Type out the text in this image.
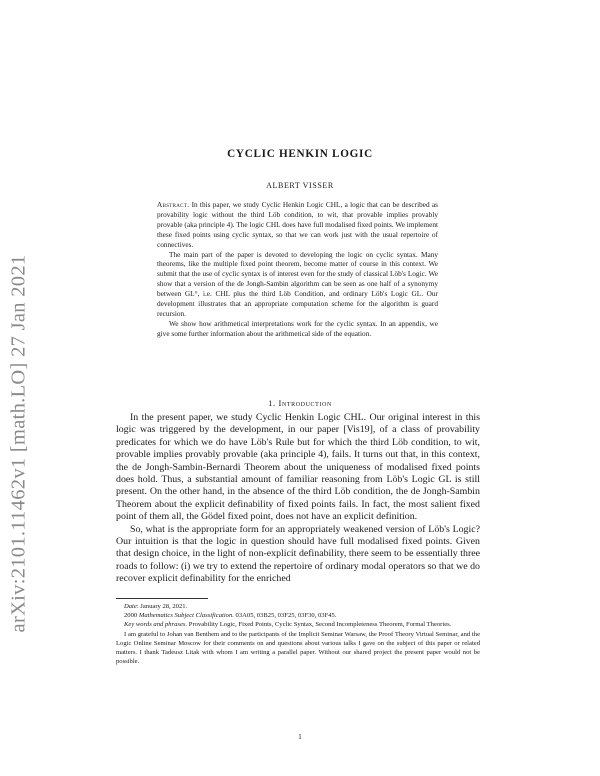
arXiv:2101.11462v1 [math.LO] 27 Jan 2021
CYCLIC HENKIN LOGIC
ALBERT VISSER

Abstract. In this paper, we study Cyclic Henkin Logic CHL, a logic that can be described as provability logic without the third Löb condition, to wit, that provable implies provably provable (aka principle 4). The logic CHL does have full modalised fixed points. We implement these fixed points using cyclic syntax, so that we can work just with the usual repertoire of connectives.

The main part of the paper is devoted to developing the logic on cyclic syntax. Many theorems, like the multiple fixed point theorem, become matter of course in this context. We submit that the use of cyclic syntax is of interest even for the study of classical Löb's Logic. We show that a version of the de Jongh-Sambin algorithm can be seen as one half of a synonymy between GL°, i.e. CHL plus the third Löb Condition, and ordinary Löb's Logic GL. Our development illustrates that an appropriate computation scheme for the algorithm is guard recursion.

We show how arithmetical interpretations work for the cyclic syntax. In an appendix, we give some further information about the arithmetical side of the equation.

1. Introduction

In the present paper, we study Cyclic Henkin Logic CHL. Our original interest in this logic was triggered by the development, in our paper [Vis19], of a class of provability predicates for which we do have Löb's Rule but for which the third Löb condition, to wit, provable implies provably provable (aka principle 4), fails. It turns out that, in this context, the de Jongh-Sambin-Bernardi Theorem about the uniqueness of modalised fixed points does hold. Thus, a substantial amount of familiar reasoning from Löb's Logic GL is still present. On the other hand, in the absence of the third Löb condition, the de Jongh-Sambin Theorem about the explicit definability of fixed points fails. In fact, the most salient fixed point of them all, the Gödel fixed point, does not have an explicit definition.

So, what is the appropriate form for an appropriately weakened version of Löb's Logic? Our intuition is that the logic in question should have full modalised fixed points. Given that design choice, in the light of non-explicit definability, there seem to be essentially three roads to follow: (i) we try to extend the repertoire of ordinary modal operators so that we do recover explicit definability for the enriched

Date: January 28, 2021.

2000 Mathematics Subject Classification. 03A05, 03B25, 03F25, 03F30, 03F45.

Key words and phrases. Provability Logic, Fixed Points, Cyclic Syntax, Second Incompleteness Theorem, Formal Theories.

I am grateful to Johan van Benthem and to the participants of the Implicit Seminar Warsaw, the Proof Theory Virtual Seminar, and the Logic Online Seminar Moscow for their comments on and questions about various talks I gave on the subject of this paper or related matters. I thank Tadeusz Litak with whom I am writing a parallel paper. Without our shared project the present paper would not be possible.

1
